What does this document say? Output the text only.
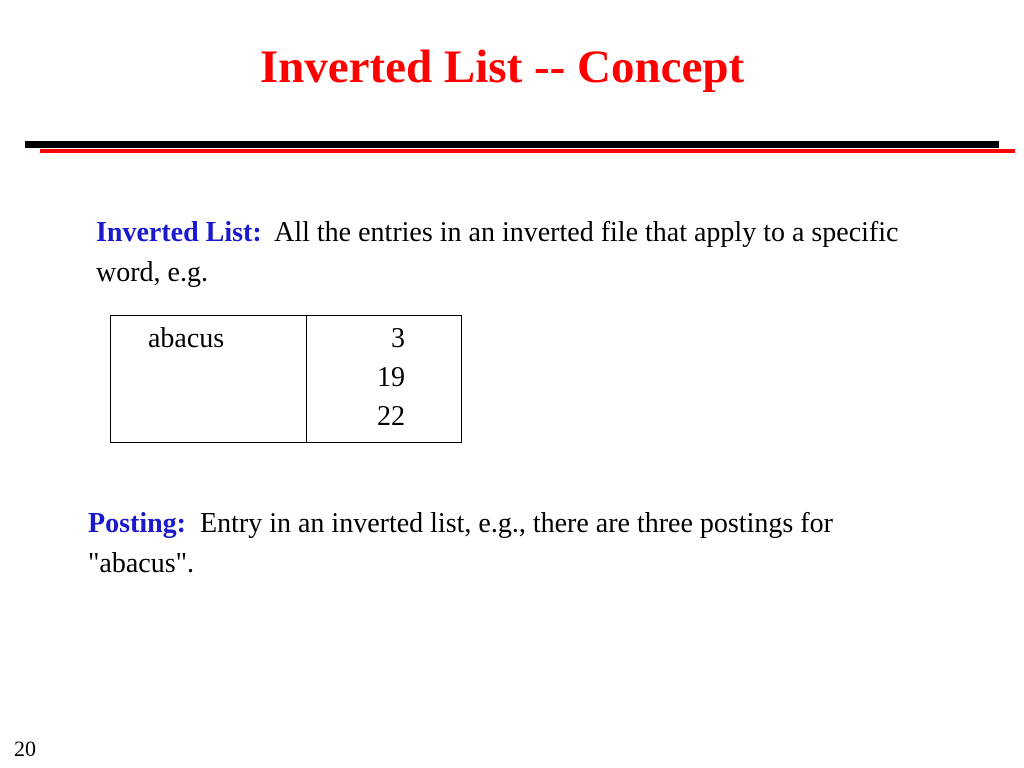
Inverted List -- Concept
Inverted List: All the entries in an inverted file that apply to a specific word, e.g.
abacus	3
19
22
Posting: Entry in an inverted list, e.g., there are three postings for "abacus".
20
